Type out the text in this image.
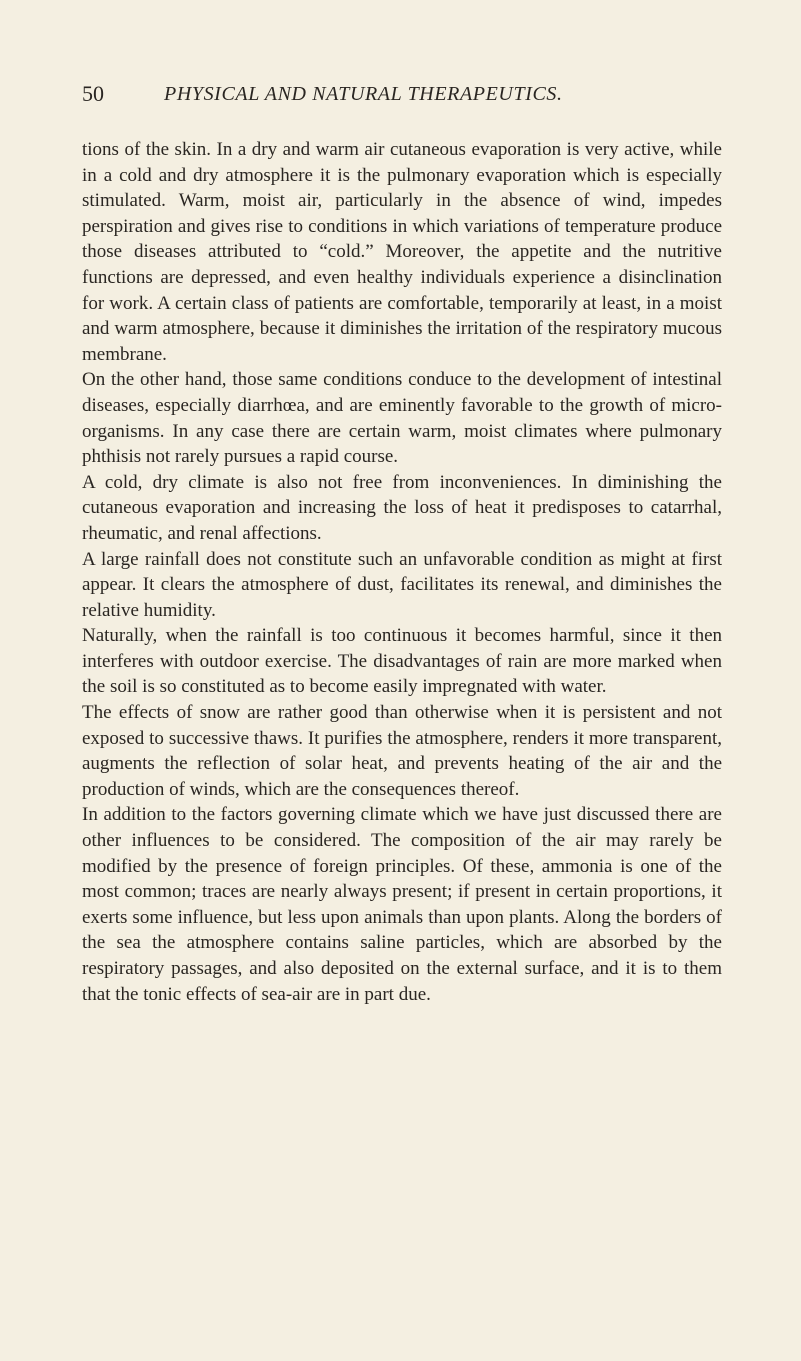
50	PHYSICAL AND NATURAL THERAPEUTICS.

tions of the skin. In a dry and warm air cutaneous evaporation is very active, while in a cold and dry atmosphere it is the pulmonary evaporation which is especially stimulated. Warm, moist air, particularly in the absence of wind, impedes perspiration and gives rise to conditions in which variations of temperature produce those diseases attributed to “cold.” Moreover, the appetite and the nutritive functions are depressed, and even healthy individuals experience a disinclination for work. A certain class of patients are comfortable, temporarily at least, in a moist and warm atmosphere, because it diminishes the irritation of the respiratory mucous membrane.

On the other hand, those same conditions conduce to the development of intestinal diseases, especially diarrhœa, and are eminently favorable to the growth of micro-organisms. In any case there are certain warm, moist climates where pulmonary phthisis not rarely pursues a rapid course.

A cold, dry climate is also not free from inconveniences. In diminishing the cutaneous evaporation and increasing the loss of heat it predisposes to catarrhal, rheumatic, and renal affections.

A large rainfall does not constitute such an unfavorable condition as might at first appear. It clears the atmosphere of dust, facilitates its renewal, and diminishes the relative humidity.

Naturally, when the rainfall is too continuous it becomes harmful, since it then interferes with outdoor exercise. The disadvantages of rain are more marked when the soil is so constituted as to become easily impregnated with water.

The effects of snow are rather good than otherwise when it is persistent and not exposed to successive thaws. It purifies the atmosphere, renders it more transparent, augments the reflection of solar heat, and prevents heating of the air and the production of winds, which are the consequences thereof.

In addition to the factors governing climate which we have just discussed there are other influences to be considered. The composition of the air may rarely be modified by the presence of foreign principles. Of these, ammonia is one of the most common; traces are nearly always present; if present in certain proportions, it exerts some influence, but less upon animals than upon plants. Along the borders of the sea the atmosphere contains saline particles, which are absorbed by the respiratory passages, and also deposited on the external surface, and it is to them that the tonic effects of sea-air are in part due.
